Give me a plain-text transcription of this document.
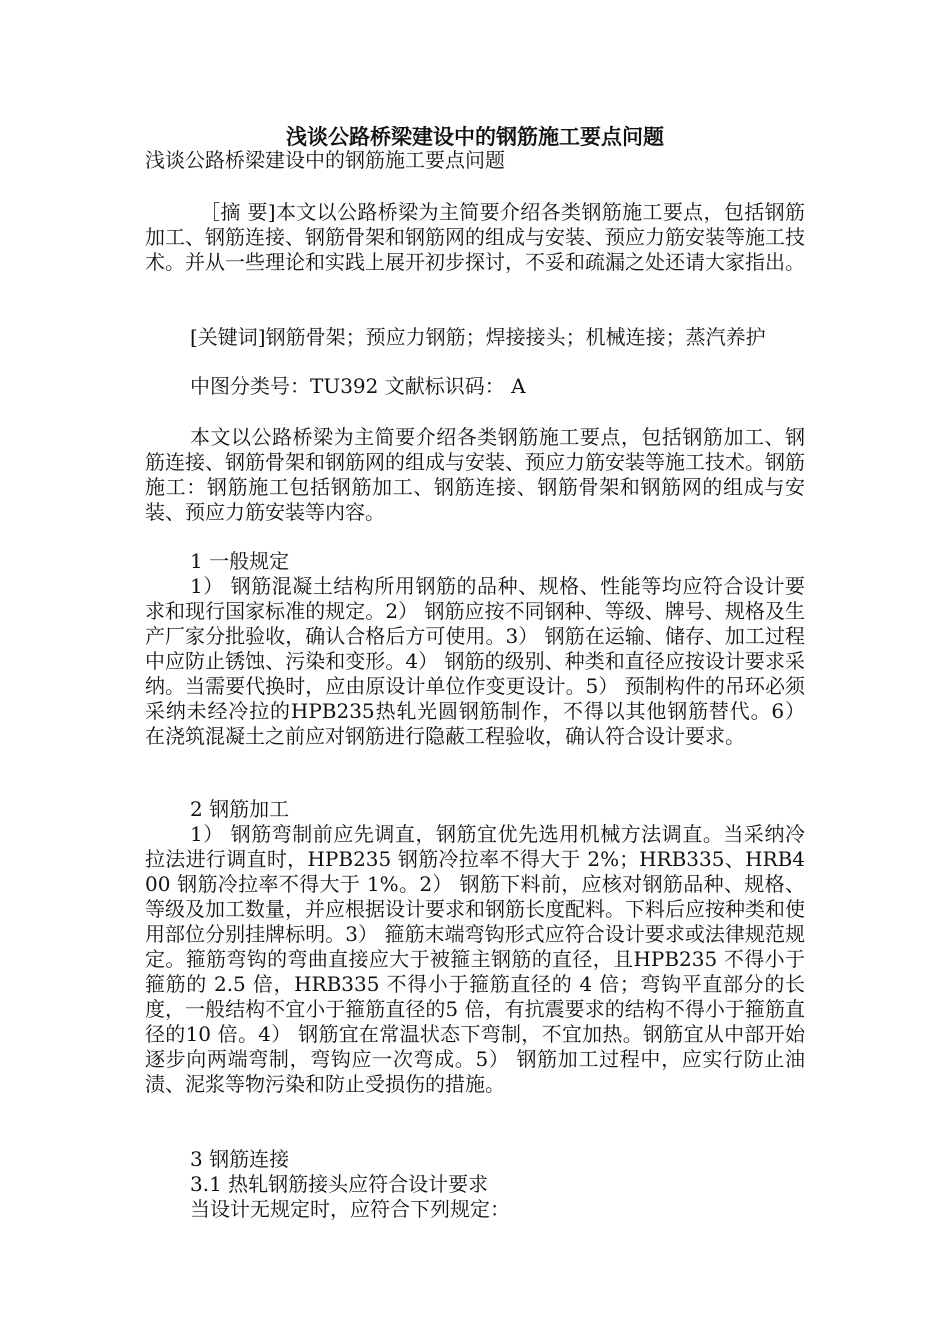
浅谈公路桥梁建设中的钢筋施工要点问题

浅谈公路桥梁建设中的钢筋施工要点问题

［摘 要]本文以公路桥梁为主简要介绍各类钢筋施工要点，包括钢筋加工、钢筋连接、钢筋骨架和钢筋网的组成与安装、预应力筋安装等施工技术。并从一些理论和实践上展开初步探讨，不妥和疏漏之处还请大家指出。

[关键词]钢筋骨架；预应力钢筋；焊接接头；机械连接；蒸汽养护

中图分类号：TU392 文献标识码： A

本文以公路桥梁为主简要介绍各类钢筋施工要点，包括钢筋加工、钢筋连接、钢筋骨架和钢筋网的组成与安装、预应力筋安装等施工技术。钢筋施工：钢筋施工包括钢筋加工、钢筋连接、钢筋骨架和钢筋网的组成与安装、预应力筋安装等内容。

1 一般规定

1） 钢筋混凝土结构所用钢筋的品种、规格、性能等均应符合设计要求和现行国家标准的规定。2） 钢筋应按不同钢种、等级、牌号、规格及生产厂家分批验收，确认合格后方可使用。3） 钢筋在运输、储存、加工过程中应防止锈蚀、污染和变形。4） 钢筋的级别、种类和直径应按设计要求采纳。当需要代换时，应由原设计单位作变更设计。5） 预制构件的吊环必须采纳未经冷拉的HPB235热轧光圆钢筋制作，不得以其他钢筋替代。6） 在浇筑混凝土之前应对钢筋进行隐蔽工程验收，确认符合设计要求。

2 钢筋加工

1） 钢筋弯制前应先调直，钢筋宜优先选用机械方法调直。当采纳冷拉法进行调直时，HPB235 钢筋冷拉率不得大于 2%；HRB335、HRB400 钢筋冷拉率不得大于 1%。2） 钢筋下料前，应核对钢筋品种、规格、等级及加工数量，并应根据设计要求和钢筋长度配料。下料后应按种类和使用部位分别挂牌标明。3） 箍筋末端弯钩形式应符合设计要求或法律规范规定。箍筋弯钩的弯曲直接应大于被箍主钢筋的直径，且HPB235 不得小于箍筋的 2.5 倍，HRB335 不得小于箍筋直径的 4 倍；弯钩平直部分的长度，一般结构不宜小于箍筋直径的5 倍，有抗震要求的结构不得小于箍筋直径的10 倍。4） 钢筋宜在常温状态下弯制，不宜加热。钢筋宜从中部开始逐步向两端弯制，弯钩应一次弯成。5） 钢筋加工过程中，应实行防止油渍、泥浆等物污染和防止受损伤的措施。

3 钢筋连接

3.1 热轧钢筋接头应符合设计要求

当设计无规定时，应符合下列规定：
